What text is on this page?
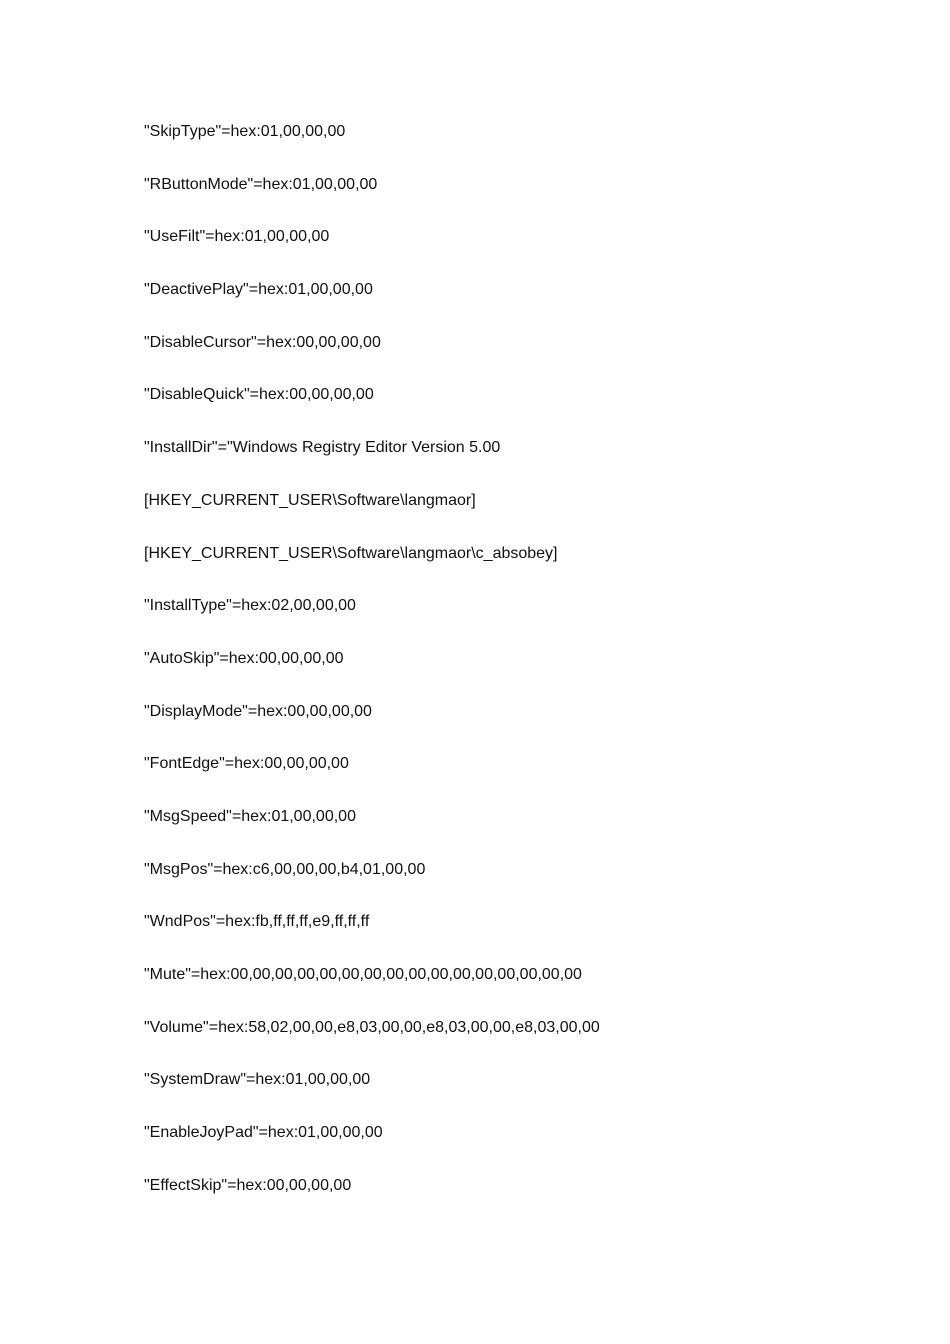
"SkipType"=hex:01,00,00,00
"RButtonMode"=hex:01,00,00,00
"UseFilt"=hex:01,00,00,00
"DeactivePlay"=hex:01,00,00,00
"DisableCursor"=hex:00,00,00,00
"DisableQuick"=hex:00,00,00,00
"InstallDir"="Windows Registry Editor Version 5.00
[HKEY_CURRENT_USER\Software\langmaor]
[HKEY_CURRENT_USER\Software\langmaor\c_absobey]
"InstallType"=hex:02,00,00,00
"AutoSkip"=hex:00,00,00,00
"DisplayMode"=hex:00,00,00,00
"FontEdge"=hex:00,00,00,00
"MsgSpeed"=hex:01,00,00,00
"MsgPos"=hex:c6,00,00,00,b4,01,00,00
"WndPos"=hex:fb,ff,ff,ff,e9,ff,ff,ff
"Mute"=hex:00,00,00,00,00,00,00,00,00,00,00,00,00,00,00,00
"Volume"=hex:58,02,00,00,e8,03,00,00,e8,03,00,00,e8,03,00,00
"SystemDraw"=hex:01,00,00,00
"EnableJoyPad"=hex:01,00,00,00
"EffectSkip"=hex:00,00,00,00
